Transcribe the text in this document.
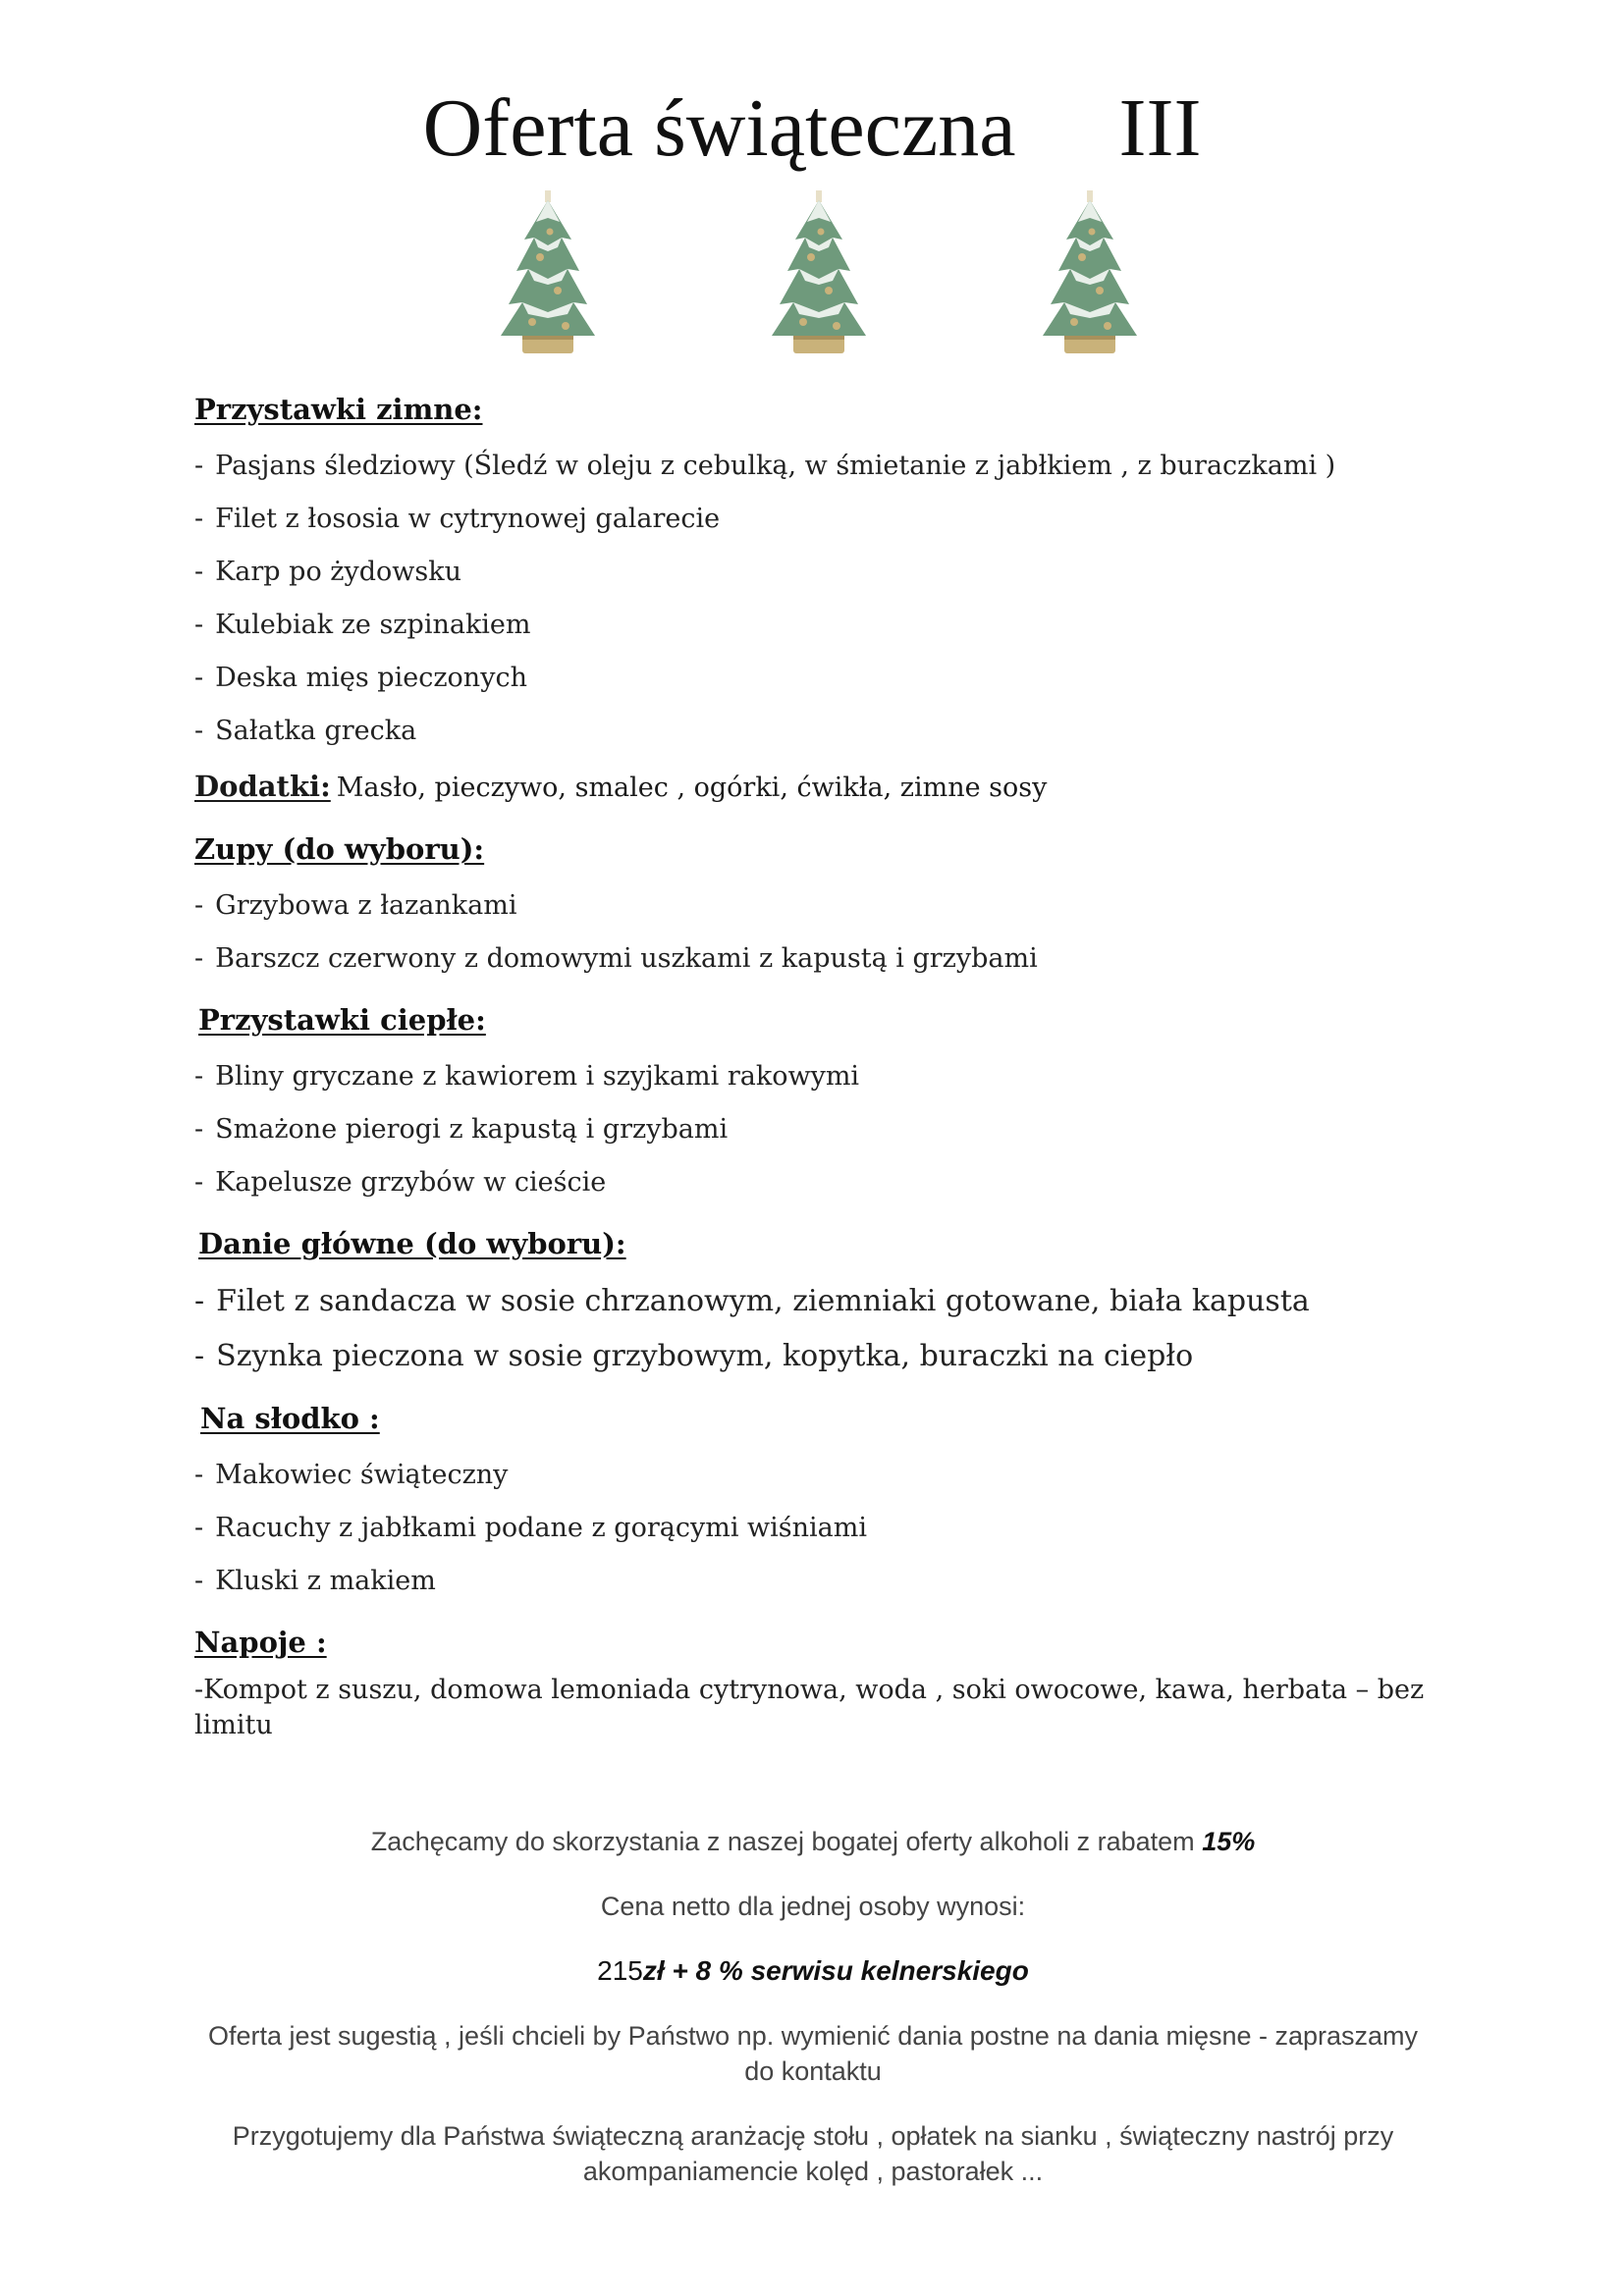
Oferta świąteczna     III
Przystawki zimne:
- Pasjans śledziowy (Śledź w oleju z cebulką, w śmietanie z jabłkiem , z buraczkami )
- Filet z łososia w cytrynowej galarecie
- Karp po żydowsku
- Kulebiak ze szpinakiem
- Deska mięs pieczonych
- Sałatka grecka
Dodatki: Masło, pieczywo, smalec , ogórki, ćwikła, zimne sosy
Zupy (do wyboru):
- Grzybowa z łazankami
- Barszcz czerwony z domowymi uszkami z kapustą i grzybami
Przystawki ciepłe:
- Bliny gryczane z kawiorem i szyjkami rakowymi
- Smażone pierogi z kapustą i grzybami
- Kapelusze grzybów w cieście
Danie główne (do wyboru):
- Filet z sandacza w sosie chrzanowym, ziemniaki gotowane, biała kapusta
- Szynka pieczona w sosie grzybowym, kopytka, buraczki na ciepło
Na słodko :
- Makowiec świąteczny
- Racuchy z jabłkami podane z gorącymi wiśniami
- Kluski z makiem
Napoje :
-Kompot z suszu, domowa lemoniada cytrynowa, woda , soki owocowe, kawa, herbata – bez limitu

Zachęcamy do skorzystania z naszej bogatej oferty alkoholi z rabatem 15%

Cena netto dla jednej osoby wynosi:

215zł + 8 % serwisu kelnerskiego

Oferta jest sugestią , jeśli chcieli by Państwo np. wymienić dania postne na dania mięsne - zapraszamy do kontaktu

Przygotujemy dla Państwa świąteczną aranżację stołu , opłatek na sianku , świąteczny nastrój przy akompaniamencie kolęd , pastorałek ...
